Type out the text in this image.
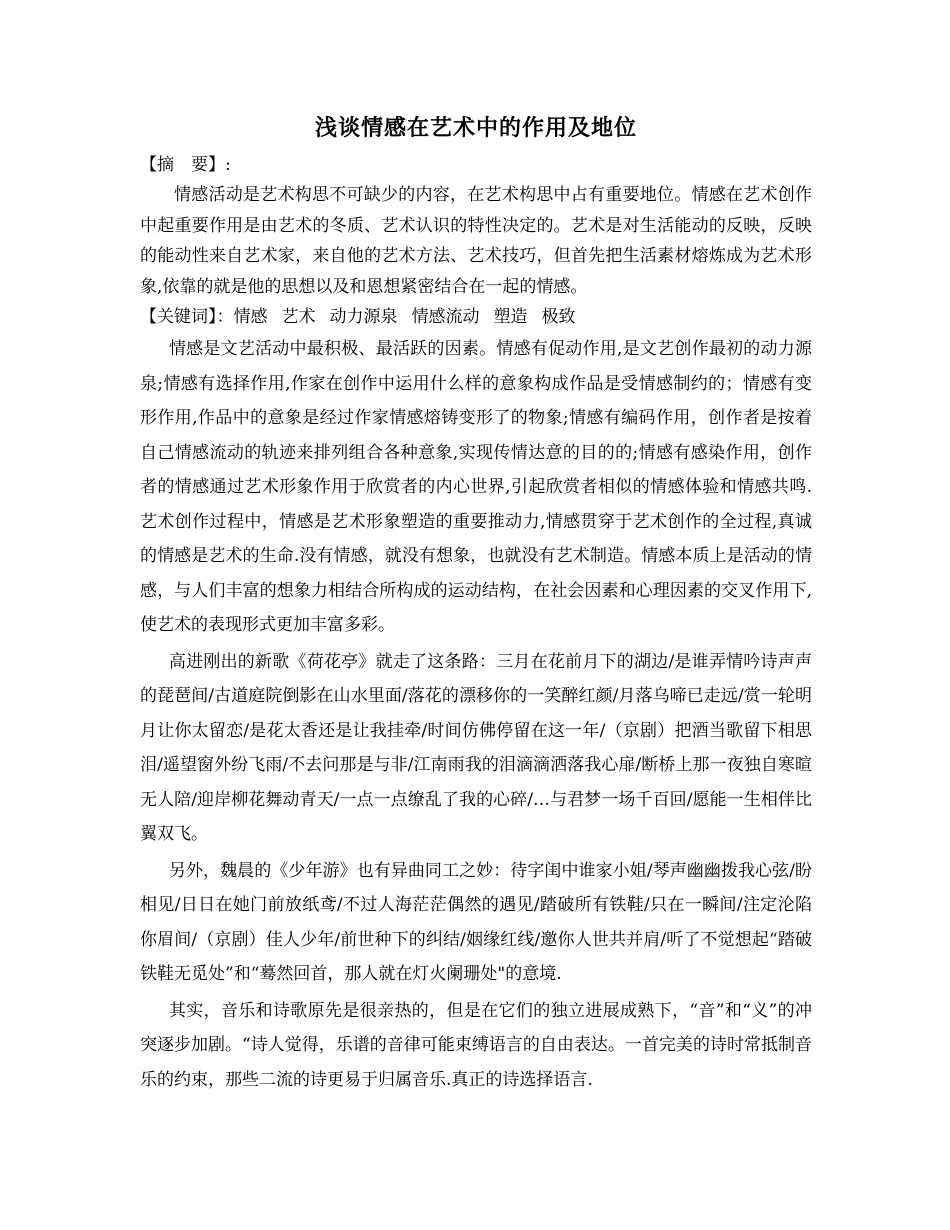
浅谈情感在艺术中的作用及地位

【摘　要】:

情感活动是艺术构思不可缺少的内容，在艺术构思中占有重要地位。情感在艺术创作中起重要作用是由艺术的冬质、艺术认识的特性决定的。艺术是对生活能动的反映，反映的能动性来自艺术家，来自他的艺术方法、艺术技巧，但首先把生活素材熔炼成为艺术形象,依靠的就是他的思想以及和恩想紧密结合在一起的情感。

【关键词】：情感 艺术 动力源泉 情感流动 塑造 极致

情感是文艺活动中最积极、最活跃的因素。情感有促动作用,是文艺创作最初的动力源泉;情感有选择作用,作家在创作中运用什么样的意象构成作品是受情感制约的；情感有变形作用,作品中的意象是经过作家情感熔铸变形了的物象;情感有编码作用，创作者是按着自己情感流动的轨迹来排列组合各种意象,实现传情达意的目的的;情感有感染作用，创作者的情感通过艺术形象作用于欣赏者的内心世界,引起欣赏者相似的情感体验和情感共鸣.艺术创作过程中，情感是艺术形象塑造的重要推动力,情感贯穿于艺术创作的全过程,真诚的情感是艺术的生命.没有情感，就没有想象，也就没有艺术制造。情感本质上是活动的情感，与人们丰富的想象力相结合所构成的运动结构，在社会因素和心理因素的交叉作用下,使艺术的表现形式更加丰富多彩。

高进刚出的新歌《荷花亭》就走了这条路：三月在花前月下的湖边/是谁弄情吟诗声声的琵琶间/古道庭院倒影在山水里面/落花的漂移你的一笑醉红颜/月落乌啼已走远/赏一轮明月让你太留恋/是花太香还是让我挂牵/时间仿佛停留在这一年/（京剧）把酒当歌留下相思泪/遥望窗外纷飞雨/不去问那是与非/江南雨我的泪滴滴洒落我心扉/断桥上那一夜独自寒暄无人陪/迎岸柳花舞动青天/一点一点缭乱了我的心碎/…与君梦一场千百回/愿能一生相伴比翼双飞。

另外，魏晨的《少年游》也有异曲同工之妙：待字闺中谁家小姐/琴声幽幽拨我心弦/盼相见/日日在她门前放纸鸢/不过人海茫茫偶然的遇见/踏破所有铁鞋/只在一瞬间/注定沦陷你眉间/（京剧）佳人少年/前世种下的纠结/姻缘红线/邀你人世共并肩/听了不觉想起“踏破铁鞋无觅处”和“蓦然回首，那人就在灯火阑珊处"的意境.

其实，音乐和诗歌原先是很亲热的，但是在它们的独立进展成熟下，“音”和“义”的冲突逐步加剧。“诗人觉得，乐谱的音律可能束缚语言的自由表达。一首完美的诗时常抵制音乐的约束，那些二流的诗更易于归属音乐.真正的诗选择语言.
